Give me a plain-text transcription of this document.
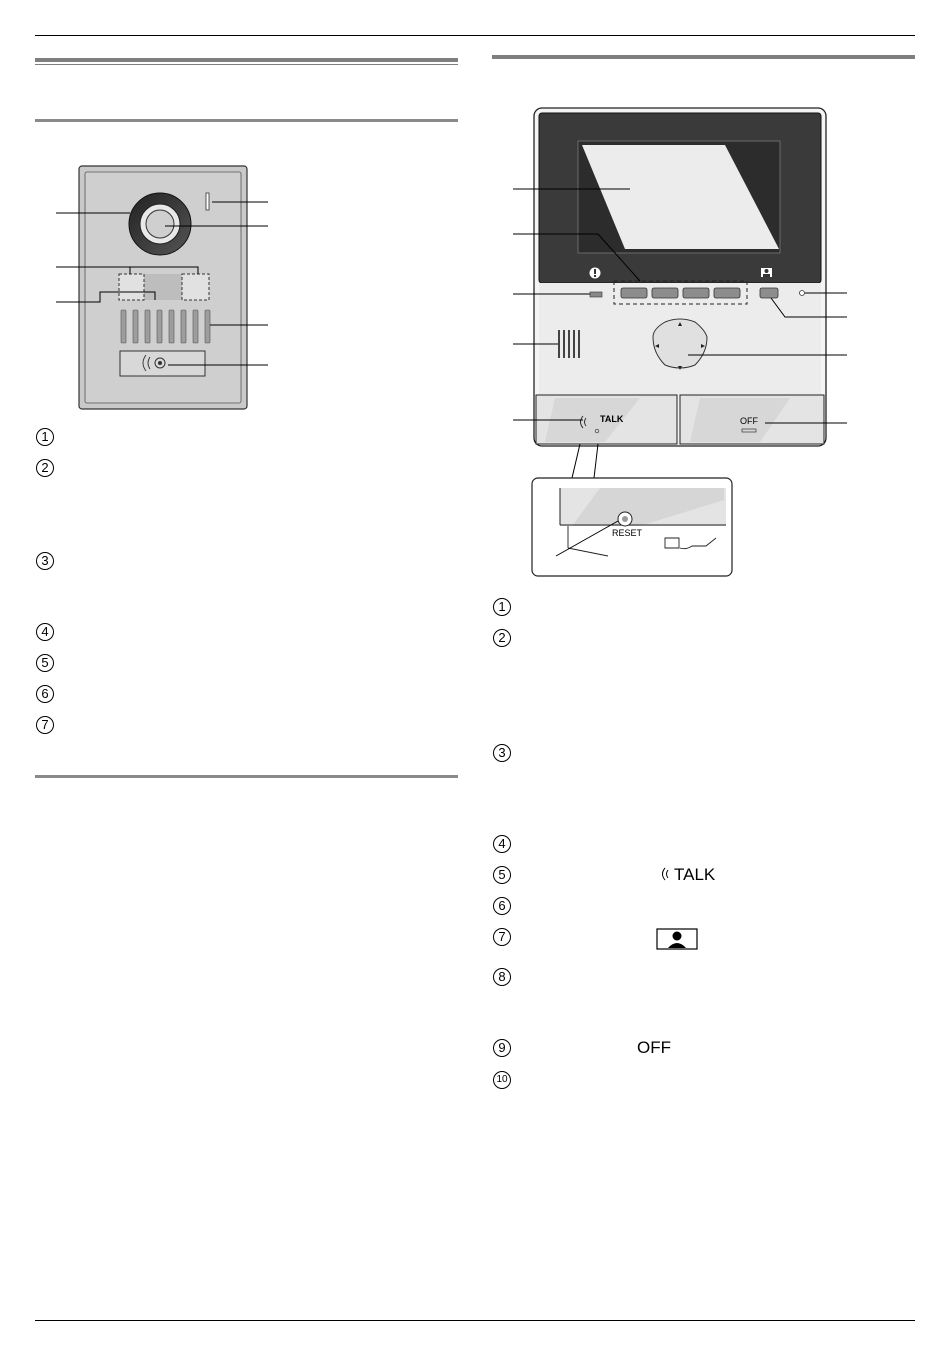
TALK	OFF
RESET
1
2
3
4
5
6
7
1
2
3
4
5
6
7
8
9
10
TALK
OFF
